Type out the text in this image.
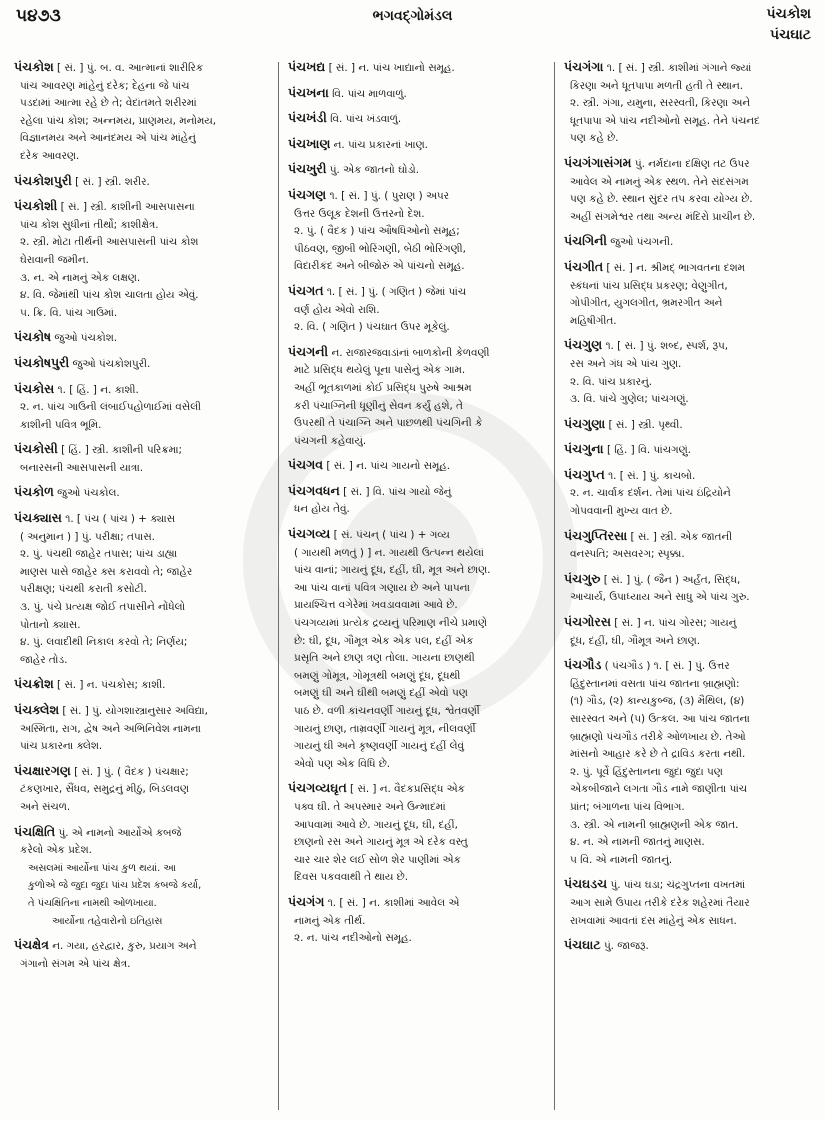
૫૪૭૩	ભગવદ્ગોમંડલ	પંચકોશ
પંચઘાટ
પંચકોશ [ સં. ] પું. બ. વ. આત્માનાં શારીરિક
પાંચ આવરણ માંહેનું દરેક; દેહના જે પાંચ
પડદામાં આત્મા રહે છે તે; વેદાંતમતે શરીરમાં
રહેલા પાંચ કોશ; અન્નમય, પ્રાણમય, મનોમય,
વિજ્ઞાનમય અને આનંદમય એ પાંચ માંહેનું
દરેક આવરણ.
પંચકોશપુરી [ સં. ] સ્ત્રી. શરીર.
પંચકોશી [ સં. ] સ્ત્રી. કાશીની આસપાસના
પાંચ કોશ સુધીનાં તીર્થો; કાશીક્ષેત્ર.
૨. સ્ત્રી. મોટા તીર્થની આસપાસની પાંચ કોશ
ઘેરાવાની જમીન.
૩. ન. એ નામનું એક લક્ષણ.
૪. વિ. જેમાંથી પાંચ કોશ ચાલતા હોય એવું.
૫. ક્રિ. વિ. પાંચ ગાઉમાં.
પંચકોષ જુઓ પંચકોશ.
પંચકોષપુરી જુઓ પંચકોશપુરી.
પંચકોસ ૧. [ હિં. ] ન. કાશી.
૨. ન. પાંચ ગાઉની લંબાઈપહોળાઈમાં વસેલી
કાશીની પવિત્ર ભૂમિ.
પંચકોસી [ હિં. ] સ્ત્રી. કાશીની પરિક્રમા;
બનારસની આસપાસની યાત્રા.
પંચકોળ જુઓ પંચકોલ.
પંચક્યાસ ૧. [ પંચ ( પાંચ ) + ક્યાસ
( અનુમાન ) ] પું. પરીક્ષા; તપાસ.
૨. પું. પંચથી જાહેર તપાસ; પાંચ ડાહ્યા
માણસ પાસે જાહેર ક્સ કરાવવો તે; જાહેર
પરીક્ષણ; પંચથી કરાતી કસોટી.
૩. પું. પંચે પ્રત્યક્ષ જોઈ તપાસીને નોંધેલો
પોતાનો ક્યાસ.
૪. પું. લવાદીથી નિકાલ કરવો તે; નિર્ણય;
જાહેર તોડ.
પંચક્રોશ [ સં. ] ન. પંચકોસ; કાશી.
પંચક્લેશ [ સં. ] પું. યોગશાસ્ત્રાનુસાર અવિદ્યા,
અસ્મિતા, રાગ, દ્વેષ અને અભિનિવેશ નામના
પાંચ પ્રકારના ક્લેશ.
પંચક્ષારગણ [ સં. ] પું. ( વૈદક ) પંચક્ષાર;
ટંકણખાર, સૈંધવ, સમુદ્રનું મીઠું, બિડલવણ
અને સંચળ.
પંચક્ષિતિ પું. એ નામનો આર્યોએ કબજે
કરેલો એક પ્રદેશ.
અસલમાં આર્યોના પાંચ કુળ થયાં. આ
કુળોએ જે જુદા જુદા પાંચ પ્રદેશ કબજે કર્યા,
તે પંચક્ષિતિના નામથી ઓળખાયા.
આર્યોના તહેવારોનો ઇતિહાસ
પંચક્ષેત્ર ન. ગયા, હરદ્વાર, કુરુ, પ્રયાગ અને
ગંગાનો સંગમ એ પાંચ ક્ષેત્ર.
પંચખદ્ય [ સં. ] ન. પાંચ ખાદ્યાનો સમૂહ.
પંચખના વિ. પાંચ માળવાળું.
પંચખંડી વિ. પાંચ ખંડવાળું.
પંચખાણ ન. પાંચ પ્રકારનાં ખાણ.
પંચખુરી પું. એક જાતનો ઘોડો.
પંચગણ ૧. [ સં. ] પું. ( પુરાણ ) અપર
ઉત્તર ઉલૂક દેશની ઉત્તરનો દેશ.
૨. પું. ( વૈદક ) પાંચ ઔષધિઓનો સમૂહ;
પીઠવણ, જીબી ભોરિંગણી, બેઠી ભોરિંગણી,
વિદારીકંદ અને બીજોરું એ પાંચનો સમૂહ.
પંચગત ૧. [ સં. ] પું. ( ગણિત ) જેમાં પાંચ
વર્ણ હોય એવો રાશિ.
૨. વિ. ( ગણિત ) પંચઘાત ઉપર મૂકેલું.
પંચગની ન. રાજારજવાડાંનાં બાળકોની કેળવણી
માટે પ્રસિદ્ધ થયેલું પૂના પાસેનું એક ગામ.
અહીં ભૂતકાળમાં કોઈ પ્રસિદ્ધ પુરુષે આશ્રમ
કરી પંચાગ્નિની ધૂણીનું સેવન કર્યું હશે, તે
ઉપરથી તે પંચાગ્નિ અને પાછળથી પંચગિની કે
પંચગની કહેવાયું.
પંચગવ [ સં. ] ન. પાંચ ગાયનો સમૂહ.
પંચગવધન [ સં. ] વિ. પાંચ ગાયો જેનું
ધન હોય તેવું.
પંચગવ્ય [ સં. પંચન્ ( પાંચ ) + ગવ્ય
( ગાયથી મળતું ) ] ન. ગાયથી ઉત્પન્ન થયેલાં
પાંચ વાનાં; ગાયનું દૂધ, દહીં, ઘી, મૂત્ર અને છાણ.
આ પાંચ વાનાં પવિત્ર ગણાય છે અને પાપના
પ્રાયશ્ચિત્ત વગેરેમાં ખવડાવવામાં આવે છે.
પંચગવ્યમાં પ્રત્યેક દ્રવ્યનું પરિમાણ નીચે પ્રમાણે
છે: ઘી, દૂધ, ગૌમૂત્ર એક એક પલ, દહીં એક
પ્રસૃતિ અને છાણ ત્રણ તોલા. ગાયના છાણથી
બમણું ગોમૂત્ર, ગોમૂત્રથી બમણું દૂધ, દૂધથી
બમણું ઘી અને ઘીથી બમણું દહીં એવો પણ
પાઠ છે. વળી કાંચનવર્ણી ગાયનું દૂધ, શ્વેતવર્ણી
ગાયનું છાણ, તામ્રવર્ણી ગાયનું મૂત્ર, નીલવર્ણી
ગાયનું ઘી અને કૃષ્ણવર્ણી ગાયનું દહીં લેવું
એવો પણ એક વિધિ છે.
પંચગવ્યઘૃત [ સં. ] ન. વૈદકપ્રસિદ્ધ એક
પક્વ ઘી. તે અપસ્માર અને ઉન્માદમાં
આપવામાં આવે છે. ગાયનું દૂધ, ઘી, દહીં,
છાણનો રસ અને ગાયનું મૂત્ર એ દરેક વસ્તુ
ચાર ચાર શેર લઈ સોળ શેર પાણીમાં એક
દિવસ પકવવાથી તે થાય છે.
પંચગંગ ૧. [ સં. ] ન. કાશીમાં આવેલ એ
નામનું એક તીર્થ.
૨. ન. પાંચ નદીઓનો સમૂહ.
પંચગંગા ૧. [ સં. ] સ્ત્રી. કાશીમાં ગંગાને જ્યાં
કિરણા અને ધૂતપાપા મળતી હતી તે સ્થાન.
૨. સ્ત્રી. ગંગા, યમુના, સરસ્વતી, કિરણા અને
ધૂતપાપા એ પાંચ નદીઓનો સમૂહ. તેને પંચનદ
પણ કહે છે.
પંચગંગાસંગમ પું. નર્મદાના દક્ષિણ તટ ઉપર
આવેલ એ નામનું એક સ્થળ. તેને સંદસંગમ
પણ કહે છે. સ્થાન સુંદર તપ કરવા યોગ્ય છે.
અહીં સંગમેશ્વર તથા અન્ય મંદિરો પ્રાચીન છે.
પંચગિની જુઓ પંચગની.
પંચગીત [ સં. ] ન. શ્રીમદ્ ભાગવતના દશમ
સ્કંધનાં પાંચ પ્રસિદ્ધ પ્રકરણ; વેણુગીત,
ગોપીગીત, યુગલગીત, ભ્રમરગીત અને
મહિષીગીત.
પંચગુણ ૧. [ સં. ] પું. શબ્દ, સ્પર્શ, રૂપ,
રસ અને ગંધ એ પાંચ ગુણ.
૨. વિ. પાંચ પ્રકારનું.
૩. વિ. પાંચે ગુણેલ; પાંચગણું.
પંચગુણા [ સં. ] સ્ત્રી. પૃથ્વી.
પંચગુના [ હિં. ] વિ. પાંચગણું.
પંચગુપ્ત ૧. [ સં. ] પું. કાચબો.
૨. ન. ચાર્વાક દર્શન. તેમાં પાંચ ઇંદ્રિયોને
ગોપવવાની મુખ્ય વાત છે.
પંચગુપ્તિરસા [ સં. ] સ્ત્રી. એક જાતની
વનસ્પતિ; અસવરગ; સ્પૃક્કા.
પંચગુરુ [ સં. ] પું. ( જૈન ) અર્હંત, સિદ્ધ,
આચાર્ય, ઉપાધ્યાય અને સાધુ એ પાંચ ગુરુ.
પંચગોરસ [ સં. ] ન. પાંચ ગોરસ; ગાયનું
દૂધ, દહીં, ઘી, ગૌમૂત્ર અને છાણ.
પંચગૌડ ( પંચગૌડ ) ૧. [ સં. ] પું. ઉત્તર
હિંદુસ્તાનમાં વસતા પાંચ જાતના બ્રાહ્મણો:
(૧) ગૌડ, (૨) કાન્યકુબ્જ, (૩) મૈથિલ, (૪)
સારસ્વત અને (૫) ઉત્કલ. આ પાંચ જાતના
બ્રાહ્મણો પંચગૌડ તરીકે ઓળખાય છે. તેઓ
માંસનો આહાર કરે છે તે દ્રાવિડ કરતા નથી.
૨. પું. પૂર્વે હિંદુસ્તાનના જુદા જુદા પણ
એકબીજાને લગતા ગૌડ નામે જાણીતા પાંચ
પ્રાંત; બંગાળના પાંચ વિભાગ.
૩. સ્ત્રી. એ નામની બ્રાહ્મણની એક જાત.
૪. ન. એ નામની જાતનું માણસ.
૫ વિ. એ નામની જાતનું.
પંચઘડચ પું. પાંચ ઘડા; ચંદ્રગુપ્તના વખતમાં
આગ સામે ઉપાય તરીકે દરેક શહેરમાં તૈયાર
રાખવામાં આવતાં દસ માંહેનું એક સાધન.
પંચઘાટ પું. જાજરૂ.
